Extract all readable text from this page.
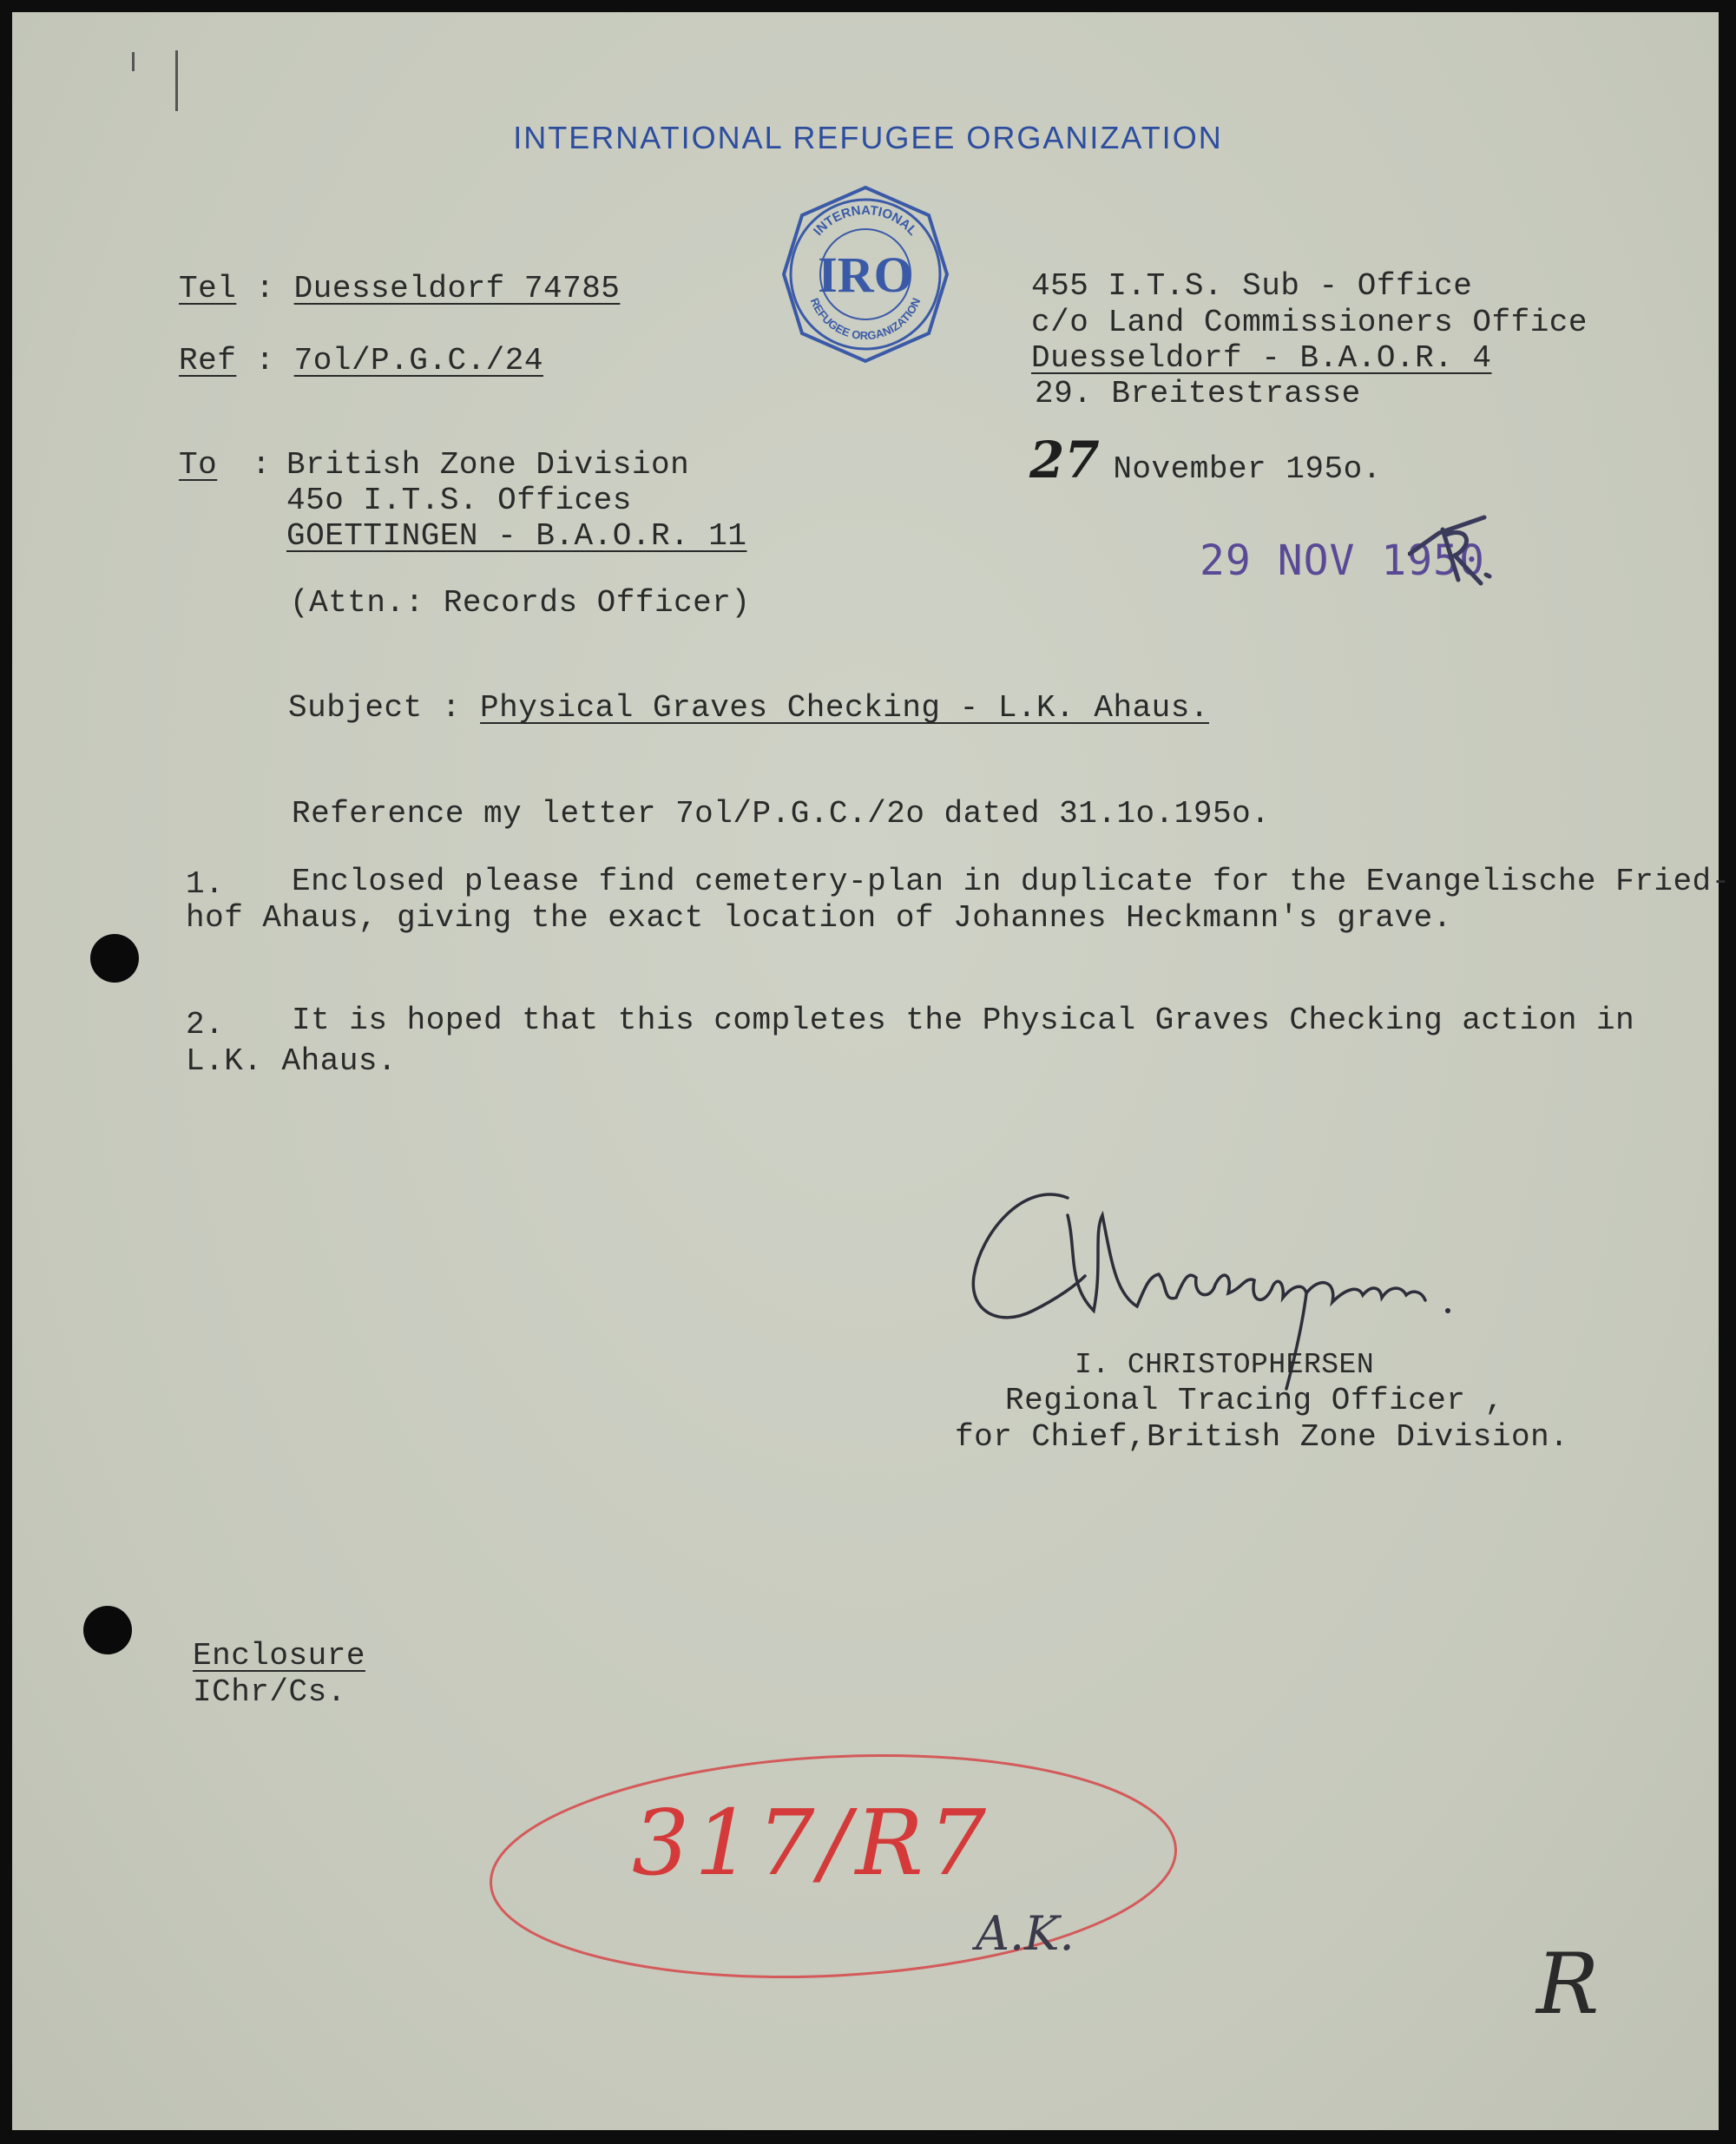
INTERNATIONAL REFUGEE ORGANIZATION
INTERNATIONAL
REFUGEE ORGANIZATION
IRO
Tel : Duesseldorf 74785
Ref : 7ol/P.G.C./24
455 I.T.S. Sub - Office
c/o Land Commissioners Office
Duesseldorf - B.A.O.R. 4
29. Breitestrasse
27 November 195o.
29 NOV 1950
To : British Zone Division
45o I.T.S. Offices
GOETTINGEN - B.A.O.R. 11
(Attn.: Records Officer)
Subject : Physical Graves Checking - L.K. Ahaus.
Reference my letter 7ol/P.G.C./2o dated 31.1o.195o.
1. Enclosed please find cemetery-plan in duplicate for the Evangelische Fried-
hof Ahaus, giving the exact location of Johannes Heckmann's grave.
2. It is hoped that this completes the Physical Graves Checking action in
L.K. Ahaus.
I. CHRISTOPHERSEN
Regional Tracing Officer ,
for Chief,British Zone Division.
Enclosure
IChr/Cs.
317/R7
A.K.
R
